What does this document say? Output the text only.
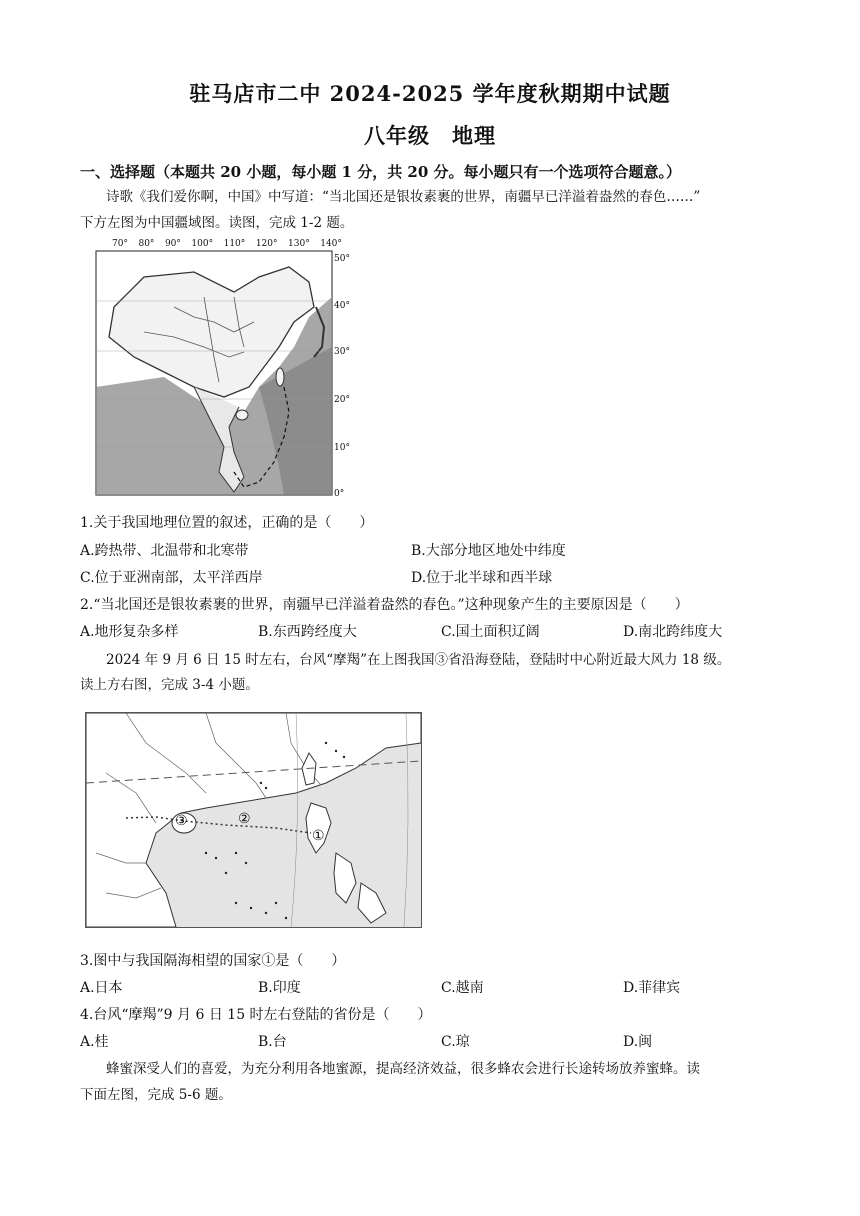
驻马店市二中 2024-2025 学年度秋期期中试题
八年级　地理
一、选择题（本题共 20 小题，每小题 1 分，共 20 分。每小题只有一个选项符合题意。）
诗歌《我们爱你啊，中国》中写道：“当北国还是银妆素裹的世界，南疆早已洋溢着盎然的春色……”
下方左图为中国疆域图。读图，完成 1-2 题。
70° 80° 90° 100° 110° 120° 130° 140°
50°
40°
30°
20°
10°
0°
1.关于我国地理位置的叙述，正确的是（　　）
A.跨热带、北温带和北寒带	B.大部分地区地处中纬度
C.位于亚洲南部，太平洋西岸	D.位于北半球和西半球
2.“当北国还是银妆素裹的世界，南疆早已洋溢着盎然的春色。”这种现象产生的主要原因是（　　）
A.地形复杂多样	B.东西跨经度大	C.国土面积辽阔	D.南北跨纬度大
2024 年 9 月 6 日 15 时左右，台风“摩羯”在上图我国③省沿海登陆，登陆时中心附近最大风力 18 级。
读上方右图，完成 3-4 小题。
③	②
①
3.图中与我国隔海相望的国家①是（　　）
A.日本	B.印度	C.越南	D.菲律宾
4.台风“摩羯”9 月 6 日 15 时左右登陆的省份是（　　）
A.桂	B.台	C.琼	D.闽
蜂蜜深受人们的喜爱，为充分利用各地蜜源，提高经济效益，很多蜂农会进行长途转场放养蜜蜂。读
下面左图，完成 5-6 题。
